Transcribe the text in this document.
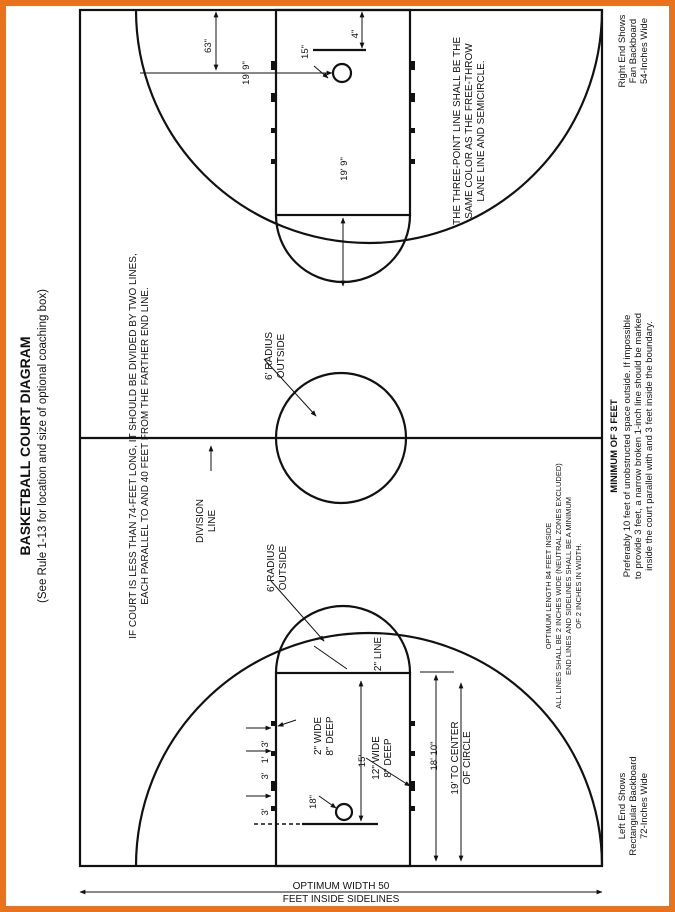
BASKETBALL COURT DIAGRAM (See Rule 1-13 for location and size of optional coaching box)	IF COURT IS LESS THAN 74-FEET LONG, IT SHOULD BE DIVIDED BY TWO LINES, EACH PARALLEL TO AND 40 FEET FROM THE FARTHER END LINE.	DIVISION LINE
6' RADIUS OUTSIDE
6' RADIUS OUTSIDE
THE THREE-POINT LINE SHALL BE THE SAME COLOR AS THE FREE-THROW LANE LINE AND SEMICIRCLE.
OPTIMUM LENGTH 84 FEET INSIDE ALL LINES SHALL BE 2 INCHES WIDE (NEUTRAL ZONES EXCLUDED) END LINES AND SIDELINES SHALL BE A MINIMUM OF 2 INCHES IN WIDTH.
MINIMUM OF 3 FEET Preferably 10 feet of unobstructed space outside. If impossible to provide 3 feet, a narrow broken 1-inch line should be marked inside the court parallel with and 3 feet inside the boundary.
Left End Shows Rectangular Backboard 72-Inches Wide
Right End Shows Fan Backboard 54-Inches Wide
OPTIMUM WIDTH 50
FEET INSIDE SIDELINES
63"
4"
15"
19' 9"
19' 9"
15'	18' 10"
18"
3'
1'
3'
3'
2" LINE
2" WIDE 8" DEEP
12" WIDE 8" DEEP	19' TO CENTER OF CIRCLE
